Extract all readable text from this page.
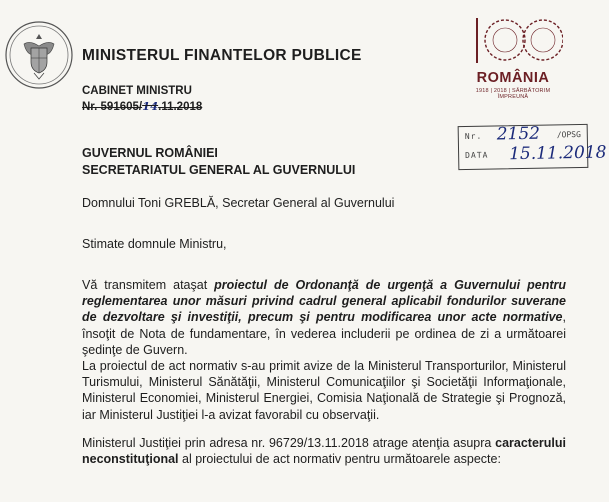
MINISTERUL FINANTELOR PUBLICE
CABINET MINISTRU
Nr. 591605/14.11.2018
ROMÂNIA
1918 | 2018 | SĂRBĂTORIM ÎMPREUNĂ
Nr. 2152 /OPSG
DATA 15.11.2018
GUVERNUL ROMÂNIEI
SECRETARIATUL GENERAL AL GUVERNULUI
Domnului Toni GREBLĂ, Secretar General al Guvernului
Stimate domnule Ministru,

Vă transmitem ataşat proiectul de Ordonanţă de urgenţă a Guvernului pentru reglementarea unor măsuri privind cadrul general aplicabil fondurilor suverane de dezvoltare şi investiţii, precum şi pentru modificarea unor acte normative, însoţit de Nota de fundamentare, în vederea includerii pe ordinea de zi a următoarei şedinţe de Guvern.

La proiectul de act normativ s-au primit avize de la Ministerul Transporturilor, Ministerul Turismului, Ministerul Sănătăţii, Ministerul Comunicaţiilor şi Societăţii Informaţionale, Ministerul Economiei, Ministerul Energiei, Comisia Naţională de Strategie şi Prognoză, iar Ministerul Justiţiei l-a avizat favorabil cu observaţii.

Ministerul Justiţiei prin adresa nr. 96729/13.11.2018 atrage atenţia asupra caracterului neconstituţional al proiectului de act normativ pentru următoarele aspecte:
